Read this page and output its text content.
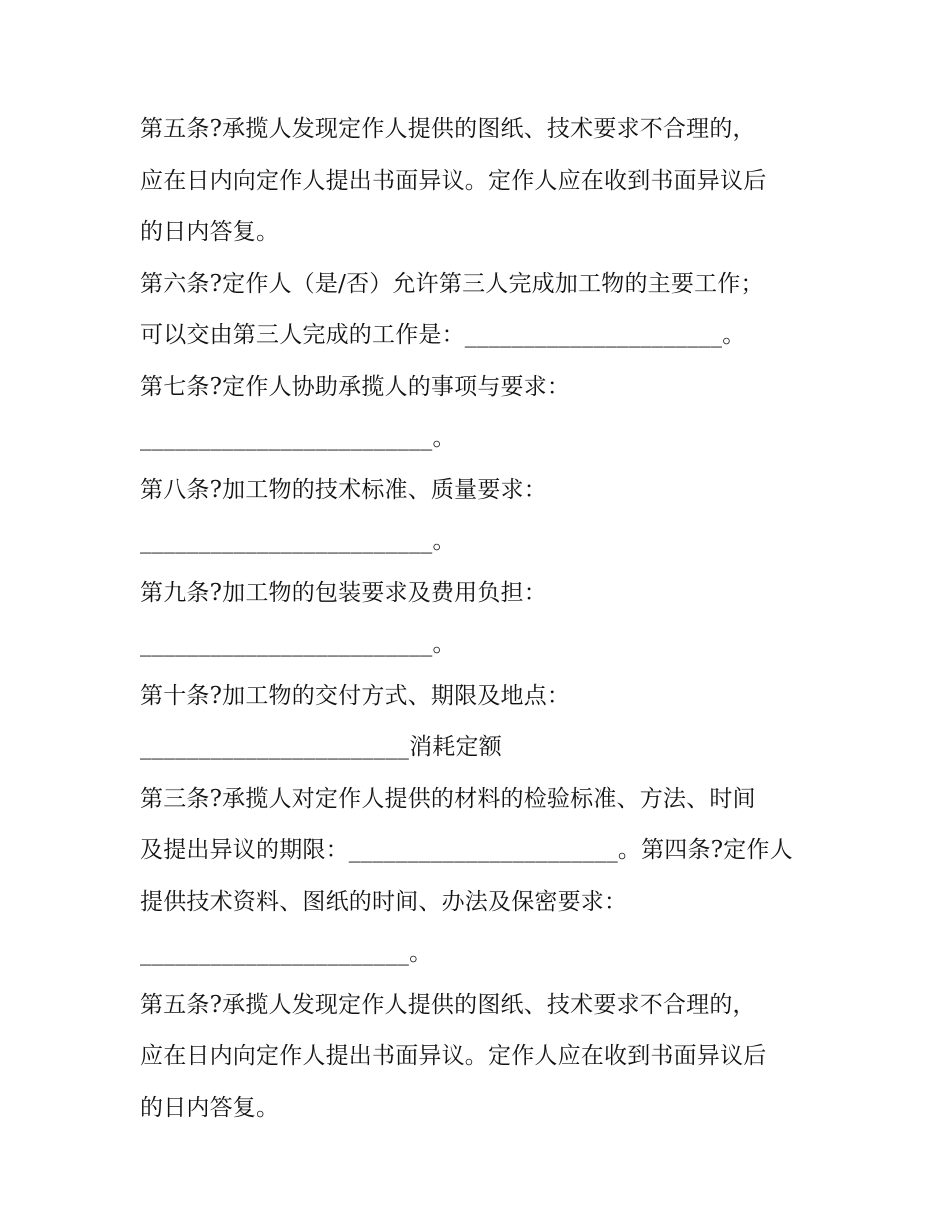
第五条?承揽人发现定作人提供的图纸、技术要求不合理的，
应在日内向定作人提出书面异议。定作人应在收到书面异议后
的日内答复。
第六条?定作人（是/否）允许第三人完成加工物的主要工作；
可以交由第三人完成的工作是：______________________。
第七条?定作人协助承揽人的事项与要求：
_________________________。
第八条?加工物的技术标准、质量要求：
_________________________。
第九条?加工物的包装要求及费用负担：
_________________________。
第十条?加工物的交付方式、期限及地点：
_______________________消耗定额
第三条?承揽人对定作人提供的材料的检验标准、方法、时间
及提出异议的期限：_______________________。第四条?定作人
提供技术资料、图纸的时间、办法及保密要求：
_______________________。
第五条?承揽人发现定作人提供的图纸、技术要求不合理的，
应在日内向定作人提出书面异议。定作人应在收到书面异议后
的日内答复。
